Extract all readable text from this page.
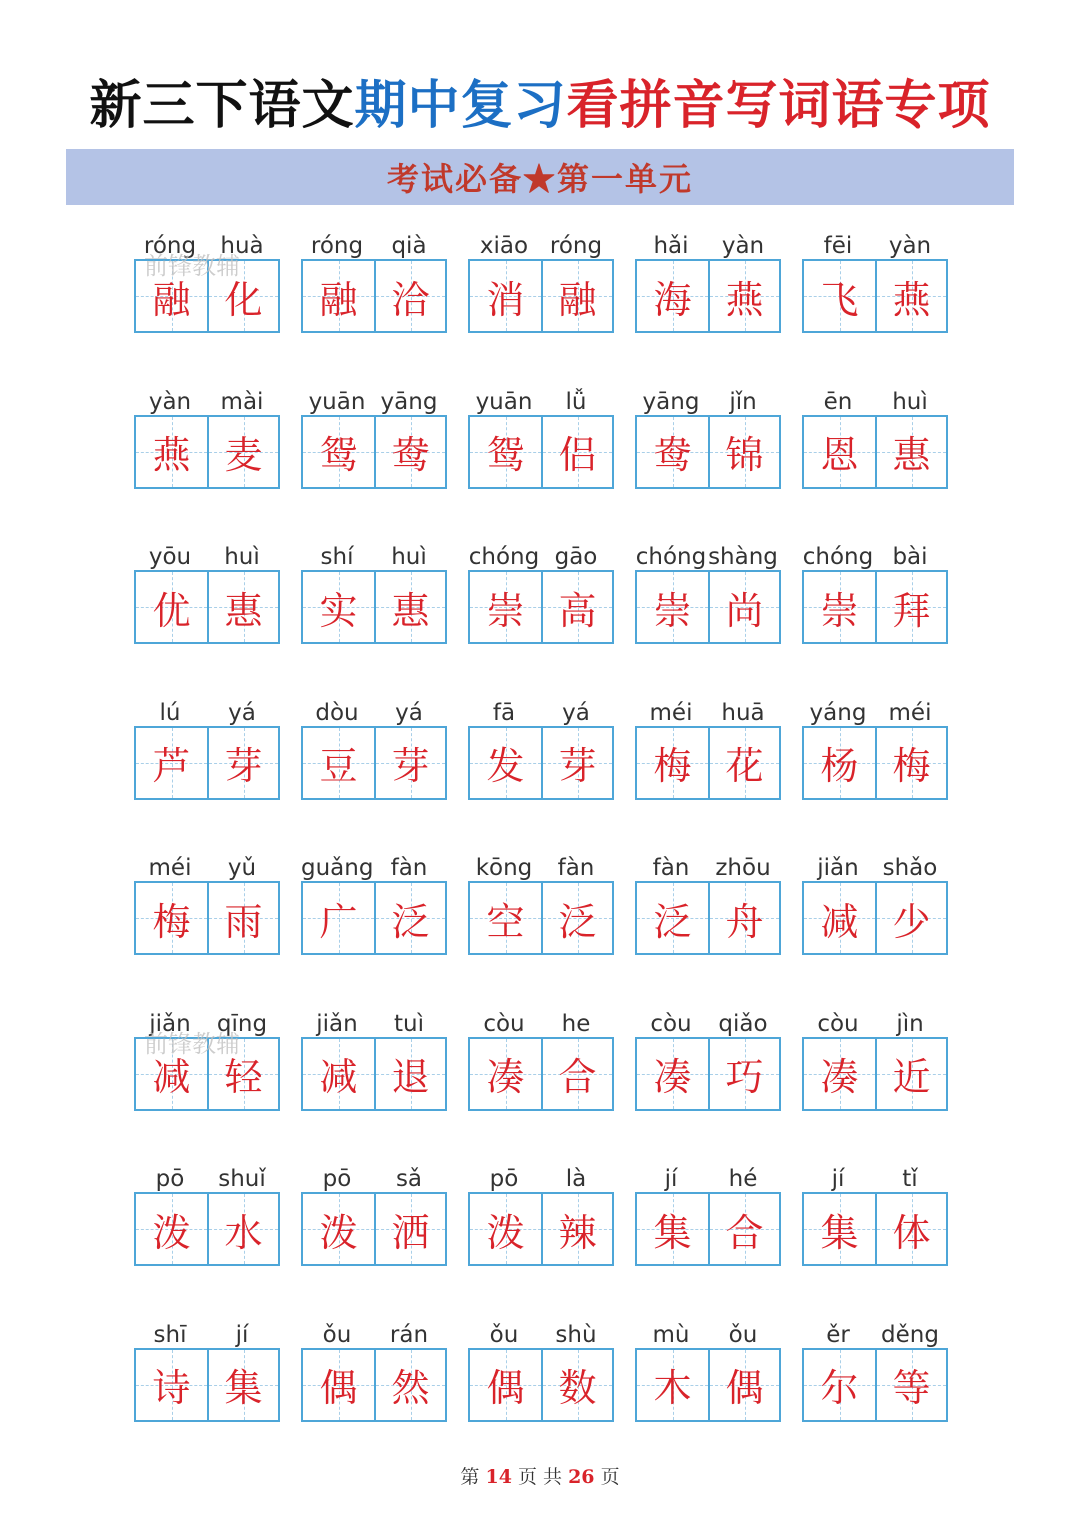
新三下语文期中复习看拼音写词语专项
考试必备★第一单元
róng	huà
融 化
róng	qià
融 洽
xiāo róng
消 融
hǎi	yàn
海 燕
fēi	yàn
飞 燕
yàn	mài
燕 麦
yuān yāng
鸳 鸯
yuān	lǚ
鸳 侣
yāng	jǐn
鸯 锦
ēn	huì
恩 惠
yōu	huì
优 惠
shí	huì
实 惠
chóng gāo
崇 高
chóng shàng
崇 尚
chóng bài
崇 拜
lú	yá
芦 芽
dòu	yá
豆 芽
fā	yá
发 芽
méi	huā
梅 花
yáng méi
杨 梅
méi	yǔ
梅 雨
guǎng fàn
广 泛
kōng	fàn
空 泛
fàn	zhōu
泛 舟
jiǎn	shǎo
减 少
jiǎn	qīng
减 轻
jiǎn	tuì
减 退
còu	he
凑 合
còu	qiǎo
凑 巧
còu	jìn
凑 近
pō	shuǐ
泼 水
pō	sǎ
泼 洒
pō	là
泼 辣
jí	hé
集 合
jí	tǐ
集 体
shī	jí
诗 集
ǒu	rán
偶 然
ǒu	shù
偶 数
mù	ǒu
木 偶
ěr	děng
尔 等
前锋教辅
前锋教辅
第 14 页 共 26 页
